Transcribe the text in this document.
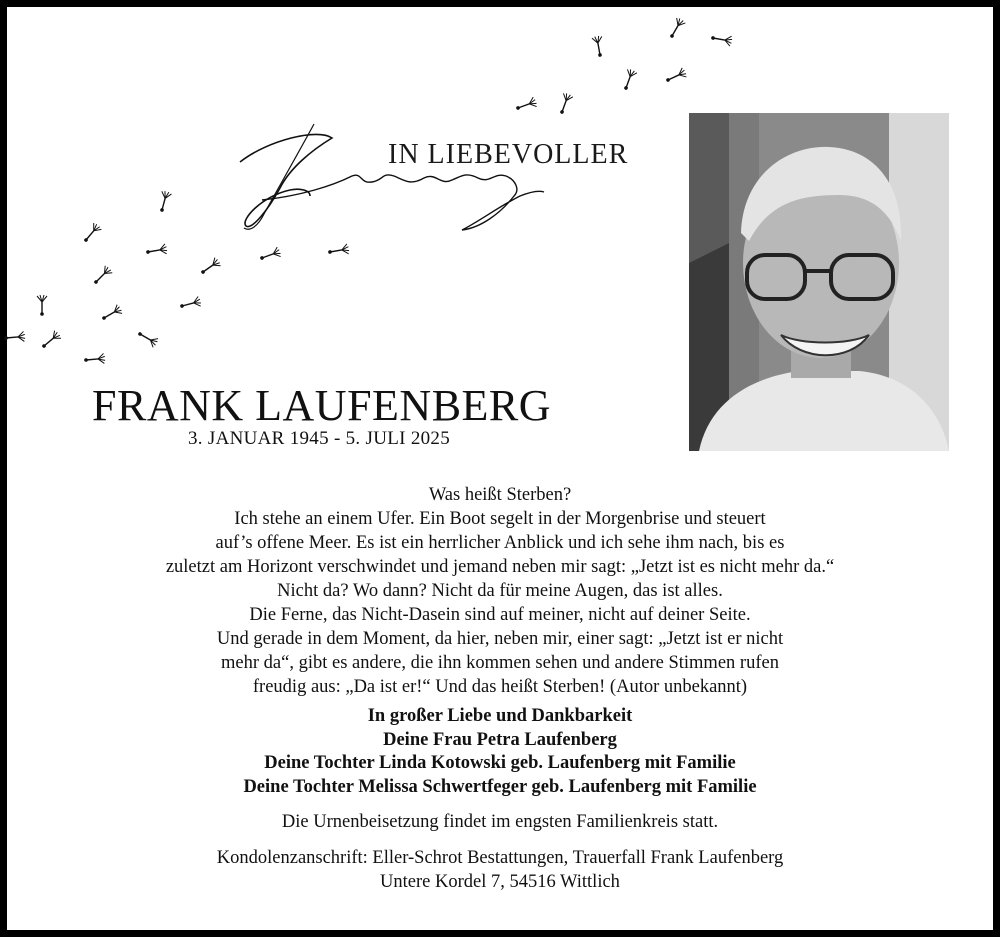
IN LIEBEVOLLER
FRANK LAUFENBERG
3. JANUAR 1945 - 5. JULI 2025
Was heißt Sterben?
Ich stehe an einem Ufer. Ein Boot segelt in der Morgenbrise und steuert
auf’s offene Meer. Es ist ein herrlicher Anblick und ich sehe ihm nach, bis es
zuletzt am Horizont verschwindet und jemand neben mir sagt: „Jetzt ist es nicht mehr da.“
Nicht da? Wo dann? Nicht da für meine Augen, das ist alles.
Die Ferne, das Nicht-Dasein sind auf meiner, nicht auf deiner Seite.
Und gerade in dem Moment, da hier, neben mir, einer sagt: „Jetzt ist er nicht
mehr da“, gibt es andere, die ihn kommen sehen und andere Stimmen rufen
freudig aus: „Da ist er!“ Und das heißt Sterben! (Autor unbekannt)
In großer Liebe und Dankbarkeit
Deine Frau Petra Laufenberg
Deine Tochter Linda Kotowski geb. Laufenberg mit Familie
Deine Tochter Melissa Schwertfeger geb. Laufenberg mit Familie
Die Urnenbeisetzung findet im engsten Familienkreis statt.
Kondolenzanschrift: Eller-Schrot Bestattungen, Trauerfall Frank Laufenberg
Untere Kordel 7, 54516 Wittlich
